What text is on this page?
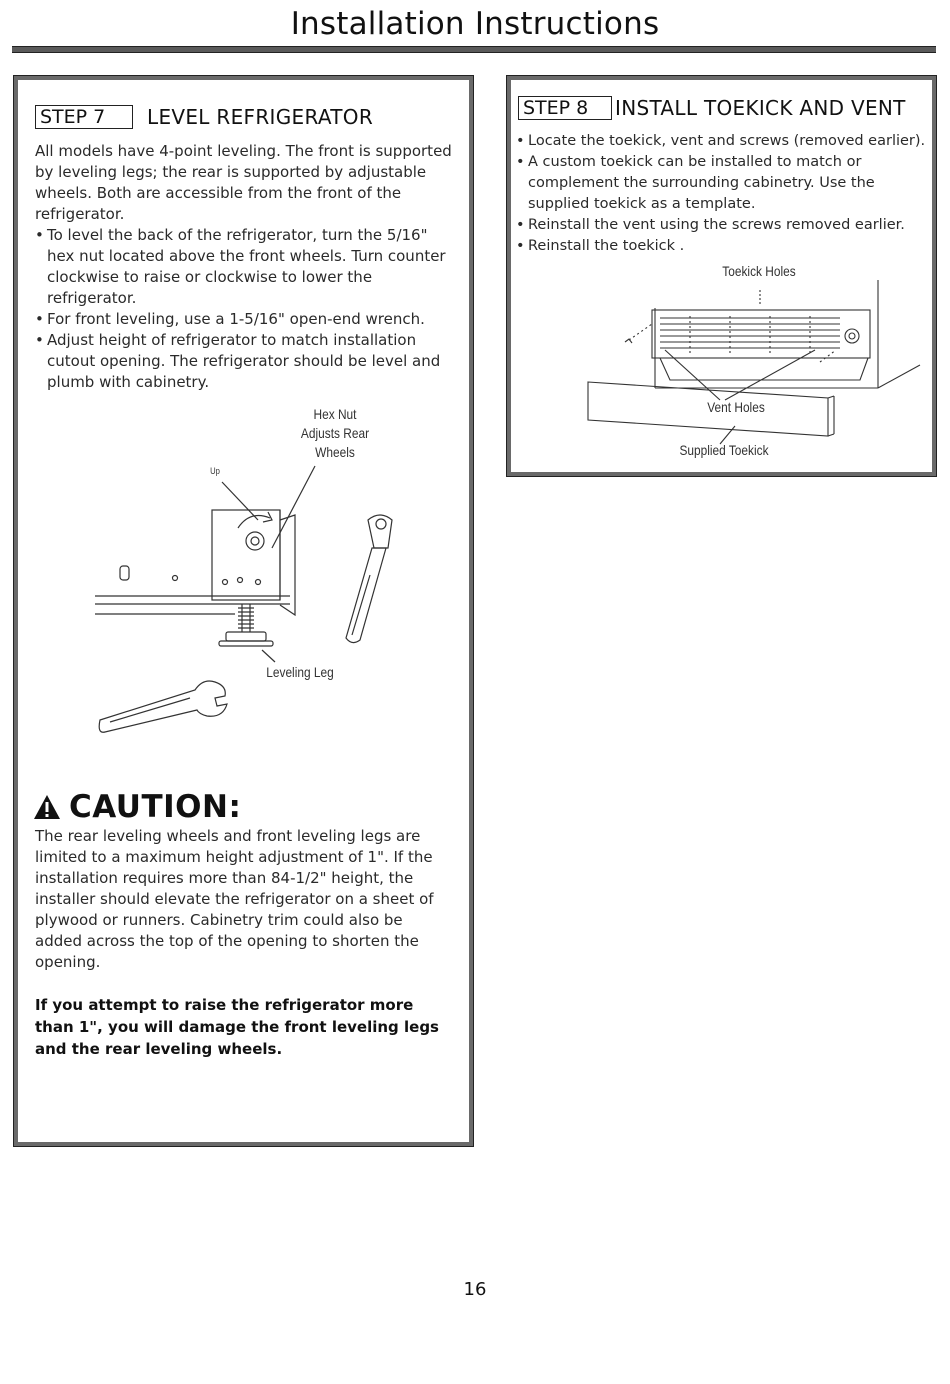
Installation Instructions
STEP 7	LEVEL REFRIGERATOR

All models have 4-point leveling. The front is supported by leveling legs; the rear is supported by adjustable wheels. Both are accessible from the front of the refrigerator.

• To level the back of the refrigerator, turn the 5/16" hex nut located above the front wheels. Turn counter clockwise to raise or clockwise to lower the refrigerator.
• For front leveling, use a 1-5/16" open-end wrench.
• Adjust height of refrigerator to match installation cutout opening. The refrigerator should be level and plumb with cabinetry.
Hex Nut
Adjusts Rear
Wheels
Up
Leveling Leg
CAUTION:
The rear leveling wheels and front leveling legs are limited to a maximum height adjustment of 1". If the installation requires more than 84-1/2" height, the installer should elevate the refrigerator on a sheet of plywood or runners. Cabinetry trim could also be added across the top of the opening to shorten the opening.
If you attempt to raise the refrigerator more than 1", you will damage the front leveling legs and the rear leveling wheels.
STEP 8	INSTALL TOEKICK AND VENT
• Locate the toekick, vent and screws (removed earlier).
• A custom toekick can be installed to match or complement the surrounding cabinetry. Use the supplied toekick as a template.
• Reinstall the vent using the screws removed earlier.
• Reinstall the toekick .
Toekick Holes
Vent Holes
Supplied Toekick
16
